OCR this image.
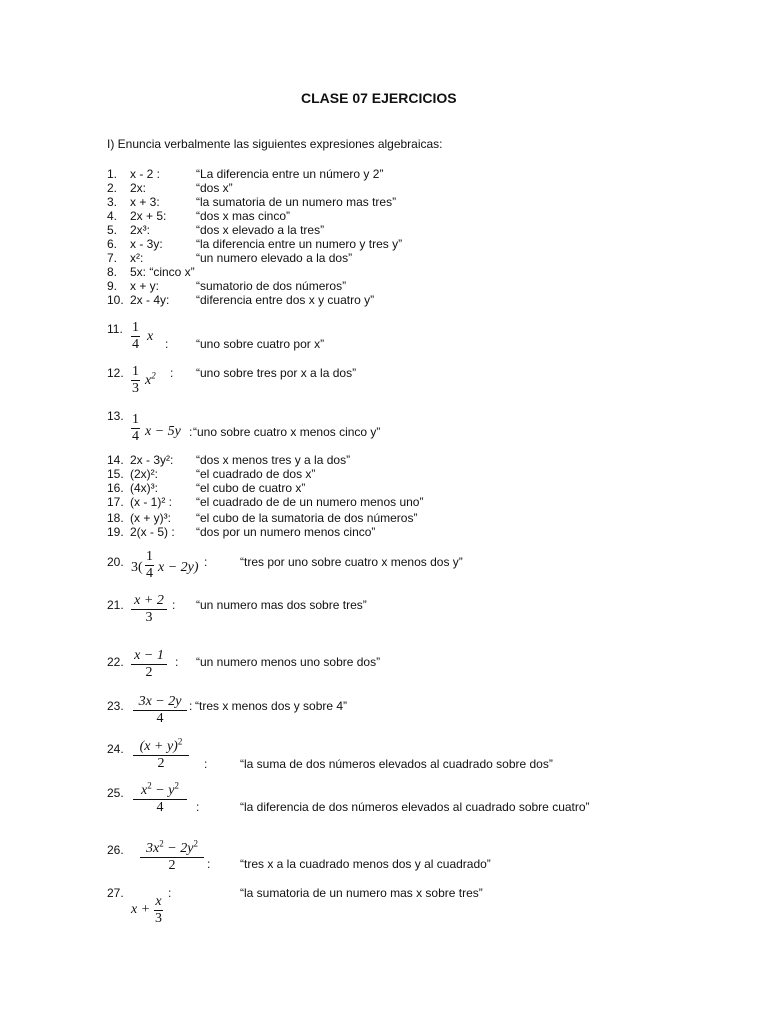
CLASE 07 EJERCICIOS
I) Enuncia verbalmente las siguientes expresiones algebraicas:
1. x - 2 :	“La diferencia entre un número y 2”
2. 2x:	“dos x”
3. x + 3:	“la sumatoria de un numero mas tres”
4. 2x + 5: “dos x mas cinco”
5. 2x³:	“dos x elevado a la tres”
6. x - 3y:	“la diferencia entre un numero y tres y”
7. x²:	“un numero elevado a la dos”
8. 5x: “cinco x”
9. x + y:	“sumatorio de dos números”
10. 2x - 4y: “diferencia entre dos x y cuatro y”
11. $\frac{1}{4}$ x : “uno sobre cuatro por x”
12. $\frac{1}{3} x^2$ : “uno sobre tres por x a la dos”
13. $\frac{1}{4}$ x − 5y : “uno sobre cuatro x menos cinco y”
14. 2x - 3y²: “dos x menos tres y a la dos”
15. (2x)²:	“el cuadrado de dos x”
16. (4x)³:	“el cubo de cuatro x”
17. (x - 1)² : “el cuadrado de de un numero menos uno”
18. (x + y)³: “el cubo de la sumatoria de dos números”
19. 2(x - 5) : “dos por un numero menos cinco”
20. $3( \frac{1}{4}$ x − 2y) :	“tres por uno sobre cuatro x menos dos y”
21. $\frac{x + 2}{3}$ : “un numero mas dos sobre tres”
22. $\frac{x - 1}{2}$ : “un numero menos uno sobre dos”
23. $\frac{3x - 2y}{4}$ : “tres x menos dos y sobre 4”
24. $\frac{(x + y)^2}{2}$ :	“la suma de dos números elevados al cuadrado sobre dos”
25. $\frac{x^2 - y^2}{4}$ :	“la diferencia de dos números elevados al cuadrado sobre cuatro”
26. $\frac{3x^2 - 2y^2}{2}$ : “tres x a la cuadrado menos dos y al cuadrado”
27.
$x + \frac{x}{3}$
:	“la sumatoria de un numero mas x sobre tres”
